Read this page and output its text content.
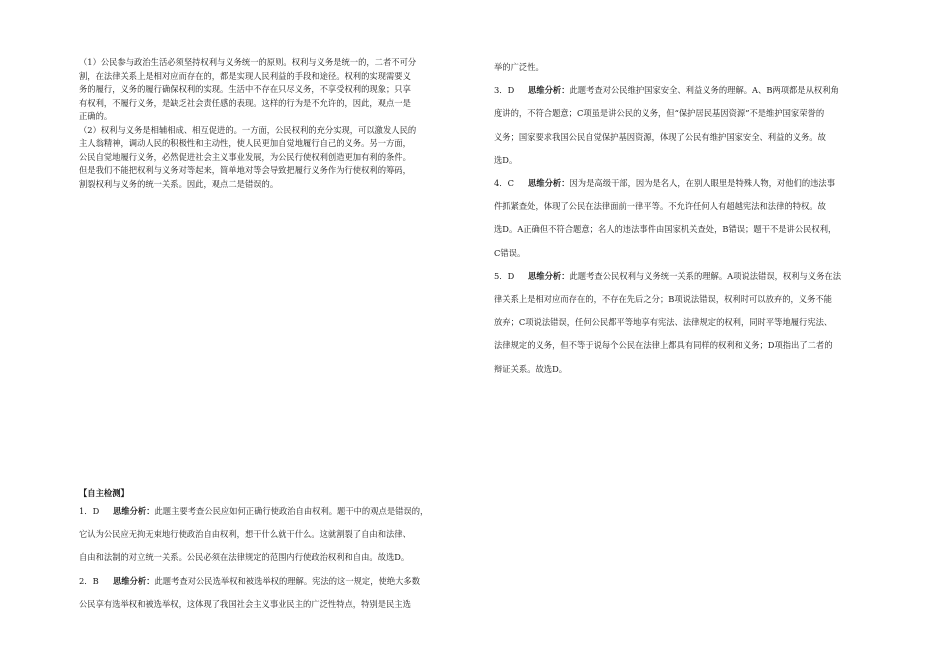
（1）公民参与政治生活必须坚持权利与义务统一的原则。权利与义务是统一的，二者不可分
割，在法律关系上是相对应而存在的，都是实现人民利益的手段和途径。权利的实现需要义
务的履行，义务的履行确保权利的实现。生活中不存在只尽义务，不享受权利的现象；只享
有权利，不履行义务，是缺乏社会责任感的表现。这样的行为是不允许的，因此，观点一是
正确的。

（2）权利与义务是相辅相成、相互促进的。一方面，公民权利的充分实现，可以激发人民的
主人翁精神，调动人民的积极性和主动性，使人民更加自觉地履行自己的义务。另一方面，
公民自觉地履行义务，必然促进社会主义事业发展，为公民行使权利创造更加有利的条件。
但是我们不能把权利与义务对等起来，简单地对等会导致把履行义务作为行使权利的筹码，
割裂权利与义务的统一关系。因此，观点二是错误的。

【自主检测】
1．D 思维分析：此题主要考查公民应如何正确行使政治自由权利。题干中的观点是错误的，
它认为公民应无拘无束地行使政治自由权利，想干什么就干什么。这就割裂了自由和法律、
自由和法制的对立统一关系。公民必须在法律规定的范围内行使政治权利和自由。故选D。
2．B 思维分析：此题考查对公民选举权和被选举权的理解。宪法的这一规定，使绝大多数
公民享有选举权和被选举权，这体现了我国社会主义事业民主的广泛性特点，特别是民主选
举的广泛性。
3．D 思维分析：此题考查对公民维护国家安全、利益义务的理解。A、B两项都是从权利角
度讲的，不符合题意；C项虽是讲公民的义务，但“保护居民基因资源”不是维护国家荣誉的
义务；国家要求我国公民自觉保护基因资源，体现了公民有维护国家安全、利益的义务。故
选D。
4．C 思维分析：因为是高级干部，因为是名人，在别人眼里是特殊人物，对他们的违法事
件抓紧查处，体现了公民在法律面前一律平等。不允许任何人有超越宪法和法律的特权。故
选D。A正确但不符合题意；名人的违法事件由国家机关查处，B错误；题干不是讲公民权利，
C错误。
5．D 思维分析：此题考查公民权利与义务统一关系的理解。A项说法错误，权利与义务在法
律关系上是相对应而存在的，不存在先后之分；B项说法错误，权利时可以放弃的，义务不能
放弃；C项说法错误，任何公民都平等地享有宪法、法律规定的权利，同时平等地履行宪法、
法律规定的义务，但不等于说每个公民在法律上都具有同样的权利和义务；D项指出了二者的
辩证关系。故选D。
